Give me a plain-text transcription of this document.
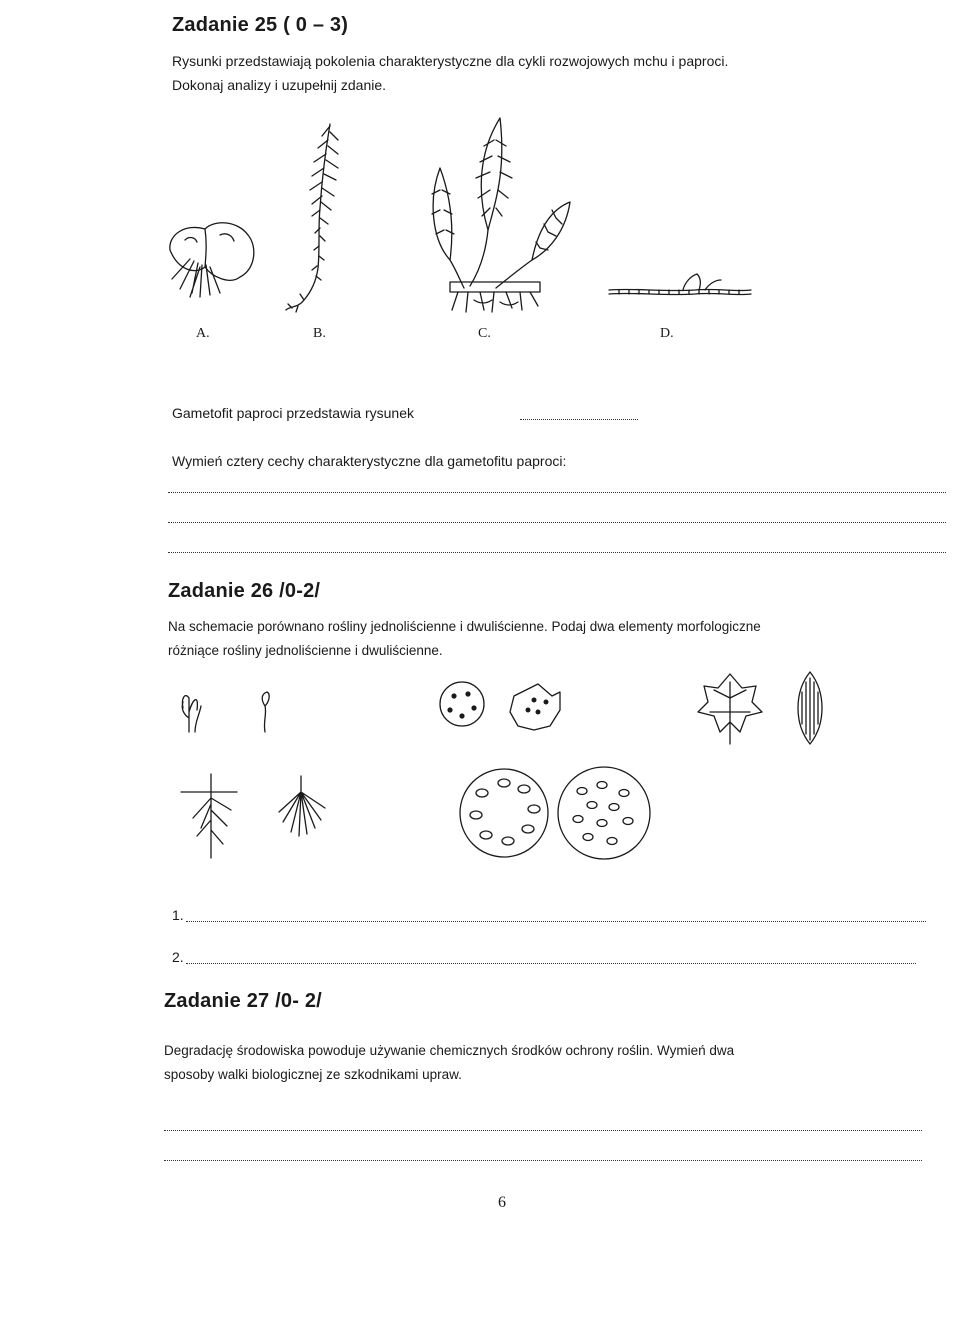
Zadanie 25 ( 0 – 3)
Rysunki przedstawiają pokolenia charakterystyczne dla cykli rozwojowych mchu i paproci.
Dokonaj analizy i uzupełnij zdanie.
A.	B.	C.	D.
Gametofit paproci przedstawia rysunek
Wymień cztery cechy charakterystyczne dla gametofitu paproci:
Zadanie 26 /0-2/
Na schemacie porównano rośliny jednoliścienne i dwuliścienne. Podaj dwa elementy morfologiczne
różniące rośliny jednoliścienne i dwuliścienne.
1.
2.
Zadanie 27 /0- 2/
Degradację środowiska powoduje używanie chemicznych środków ochrony roślin. Wymień dwa
sposoby walki biologicznej ze szkodnikami upraw.
6
